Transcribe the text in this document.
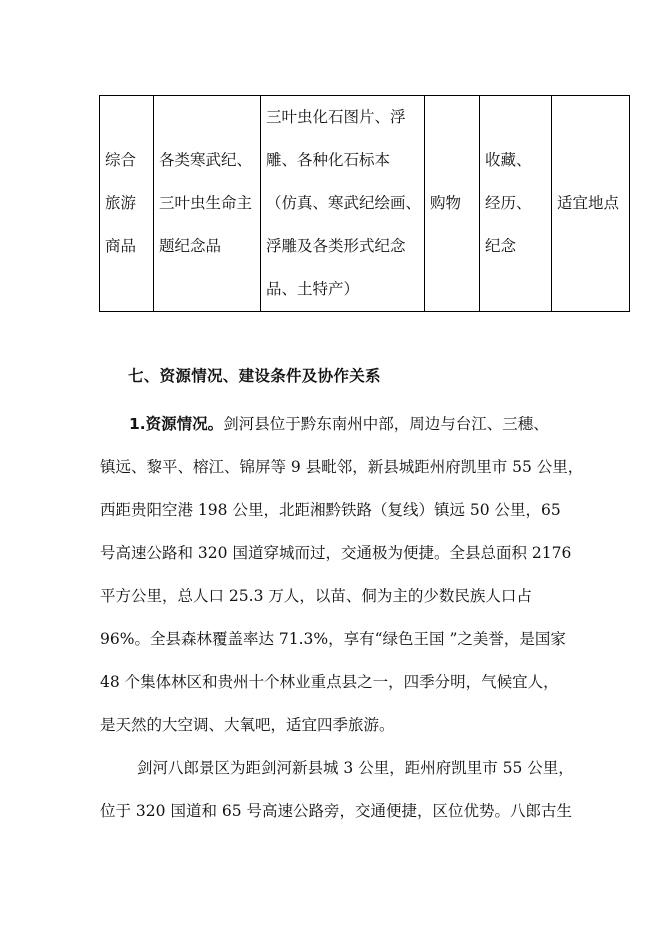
综合
旅游
商品

各类寒武纪、
三叶虫生命主
题纪念品

三叶虫化石图片、浮
雕、各种化石标本
（仿真、寒武纪绘画、
浮雕及各类形式纪念
品、土特产）

购物

收藏、
经历、
纪念

适宜地点
七、资源情况、建设条件及协作关系
1.资源情况。剑河县位于黔东南州中部，周边与台江、三穗、
镇远、黎平、榕江、锦屏等 9 县毗邻，新县城距州府凯里市 55 公里，
西距贵阳空港 198 公里，北距湘黔铁路（复线）镇远 50 公里，65
号高速公路和 320 国道穿城而过，交通极为便捷。全县总面积 2176
平方公里，总人口 25.3 万人，以苗、侗为主的少数民族人口占
96%。全县森林覆盖率达 71.3%，享有“绿色王国 ”之美誉，是国家
48 个集体林区和贵州十个林业重点县之一，四季分明，气候宜人，
是天然的大空调、大氧吧，适宜四季旅游。
剑河八郎景区为距剑河新县城 3 公里，距州府凯里市 55 公里，
位于 320 国道和 65 号高速公路旁，交通便捷，区位优势。八郎古生
